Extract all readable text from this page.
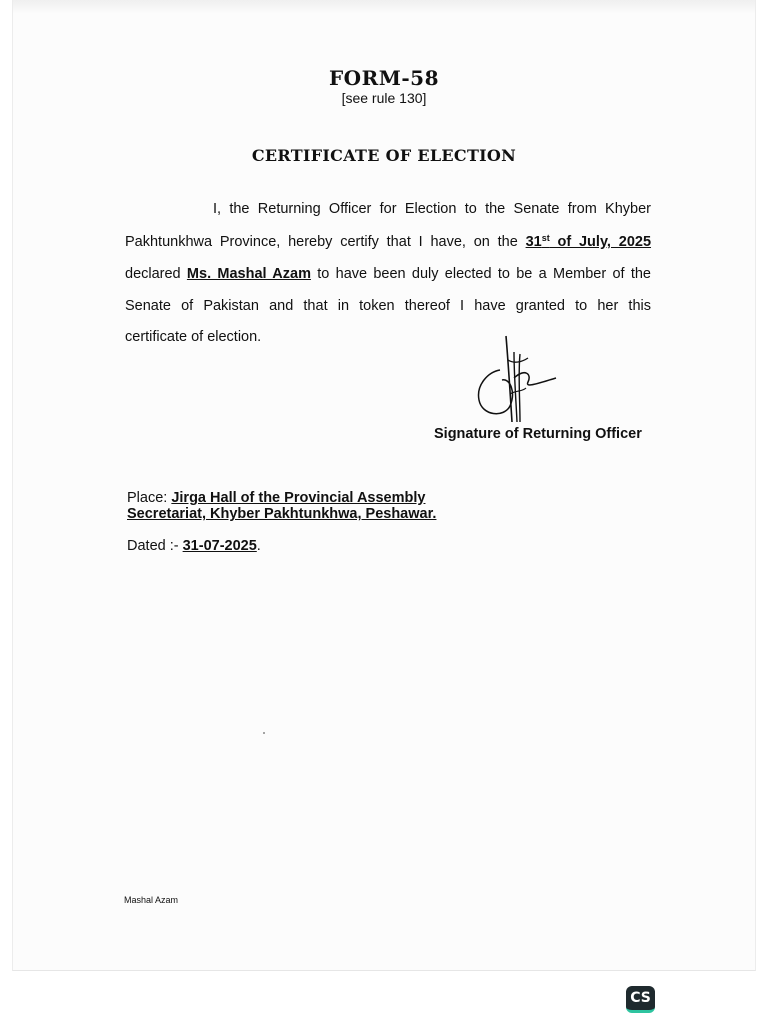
FORM-58
[see rule 130]
CERTIFICATE OF ELECTION
I, the Returning Officer for Election to the Senate from Khyber
Pakhtunkhwa Province, hereby certify that I have, on the 31st of July, 2025
declared Ms. Mashal Azam to have been duly elected to be a Member of the
Senate of Pakistan and that in token thereof I have granted to her this
certificate of election.
Signature of Returning Officer
Place: Jirga Hall of the Provincial Assembly
Secretariat, Khyber Pakhtunkhwa, Peshawar.
Dated :- 31-07-2025.
Mashal Azam
CS
